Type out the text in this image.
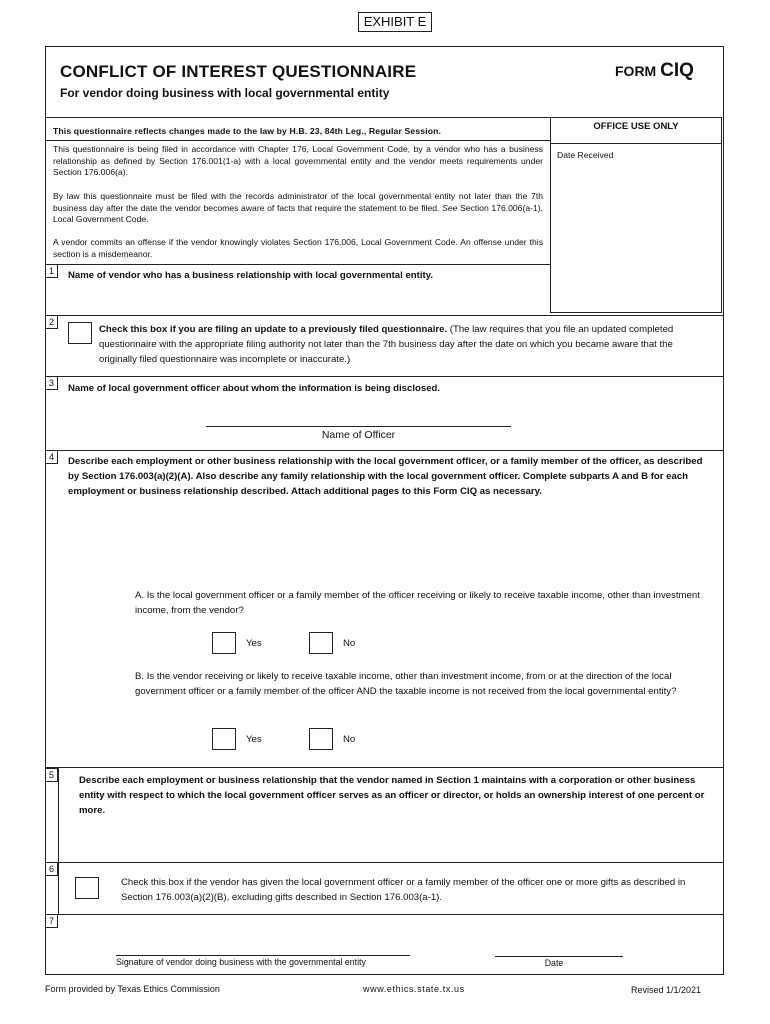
EXHIBIT E
CONFLICT OF INTEREST QUESTIONNAIRE
For vendor doing business with local governmental entity
FORM CIQ
This questionnaire reflects changes made to the law by H.B. 23, 84th Leg., Regular Session.
This questionnaire is being filed in accordance with Chapter 176, Local Government Code, by a vendor who has a business relationship as defined by Section 176.001(1-a) with a local governmental entity and the vendor meets requirements under Section 176.006(a).
By law this questionnaire must be filed with the records administrator of the local governmental entity not later than the 7th business day after the date the vendor becomes aware of facts that require the statement to be filed. See Section 176.006(a-1), Local Government Code.
A vendor commits an offense if the vendor knowingly violates Section 176.006, Local Government Code. An offense under this section is a misdemeanor.
OFFICE USE ONLY
Date Received
1	Name of vendor who has a business relationship with local governmental entity.
2
Check this box if you are filing an update to a previously filed questionnaire. (The law requires that you file an updated completed questionnaire with the appropriate filing authority not later than the 7th business day after the date on which you became aware that the originally filed questionnaire was incomplete or inaccurate.)
3	Name of local government officer about whom the information is being disclosed.
Name of Officer
4	Describe each employment or other business relationship with the local government officer, or a family member of the officer, as described by Section 176.003(a)(2)(A). Also describe any family relationship with the local government officer. Complete subparts A and B for each employment or business relationship described. Attach additional pages to this Form CIQ as necessary.
A. Is the local government officer or a family member of the officer receiving or likely to receive taxable income, other than investment income, from the vendor?
Yes	No
B. Is the vendor receiving or likely to receive taxable income, other than investment income, from or at the direction of the local government officer or a family member of the officer AND the taxable income is not received from the local governmental entity?
Yes	No
5	Describe each employment or business relationship that the vendor named in Section 1 maintains with a corporation or other business entity with respect to which the local government officer serves as an officer or director, or holds an ownership interest of one percent or more.
6
Check this box if the vendor has given the local government officer or a family member of the officer one or more gifts as described in Section 176.003(a)(2)(B), excluding gifts described in Section 176.003(a-1).
7
Signature of vendor doing business with the governmental entity	Date
Form provided by Texas Ethics Commission	www.ethics.state.tx.us	Revised 1/1/2021
